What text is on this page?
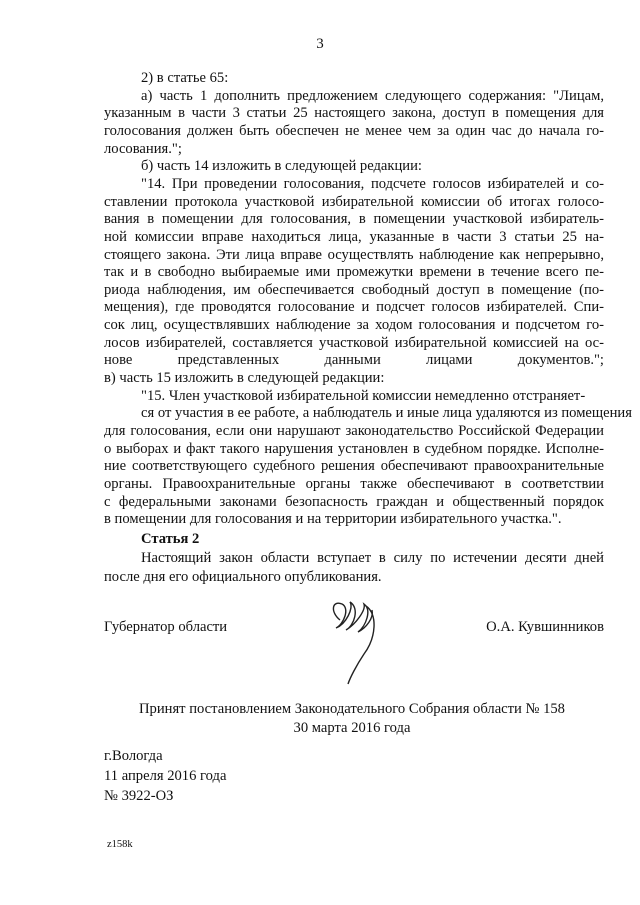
3
2) в статье 65:
а) часть 1 дополнить предложением следующего содержания: "Лицам,
указанным в части 3 статьи 25 настоящего закона, доступ в помещения для
голосования должен быть обеспечен не менее чем за один час до начала го-
лосования.";
б) часть 14 изложить в следующей редакции:
"14. При проведении голосования, подсчете голосов избирателей и со-
ставлении протокола участковой избирательной комиссии об итогах голосо-
вания в помещении для голосования, в помещении участковой избиратель-
ной комиссии вправе находиться лица, указанные в части 3 статьи 25 на-
стоящего закона. Эти лица вправе осуществлять наблюдение как непрерывно,
так и в свободно выбираемые ими промежутки времени в течение всего пе-
риода наблюдения, им обеспечивается свободный доступ в помещение (по-
мещения), где проводятся голосование и подсчет голосов избирателей. Спи-
сок лиц, осуществлявших наблюдение за ходом голосования и подсчетом го-
лосов избирателей, составляется участковой избирательной комиссией на ос-
нове представленных данными лицами документов.";
в) часть 15 изложить в следующей редакции:
"15. Член участковой избирательной комиссии немедленно отстраняет-
ся от участия в ее работе, а наблюдатель и иные лица удаляются из помещения
для голосования, если они нарушают законодательство Российской Федерации
о выборах и факт такого нарушения установлен в судебном порядке. Исполне-
ние соответствующего судебного решения обеспечивают правоохранительные
органы. Правоохранительные органы также обеспечивают в соответствии
с федеральными законами безопасность граждан и общественный порядок
в помещении для голосования и на территории избирательного участка.".
Статья 2
Губернатор области	О.А. Кувшинников
Принят постановлением Законодательного Собрания области № 158
30 марта 2016 года
г.Вологда
11 апреля 2016 года
№ 3922-ОЗ
z158k
Настоящий закон области вступает в силу по истечении десяти дней
после дня его официального опубликования.
